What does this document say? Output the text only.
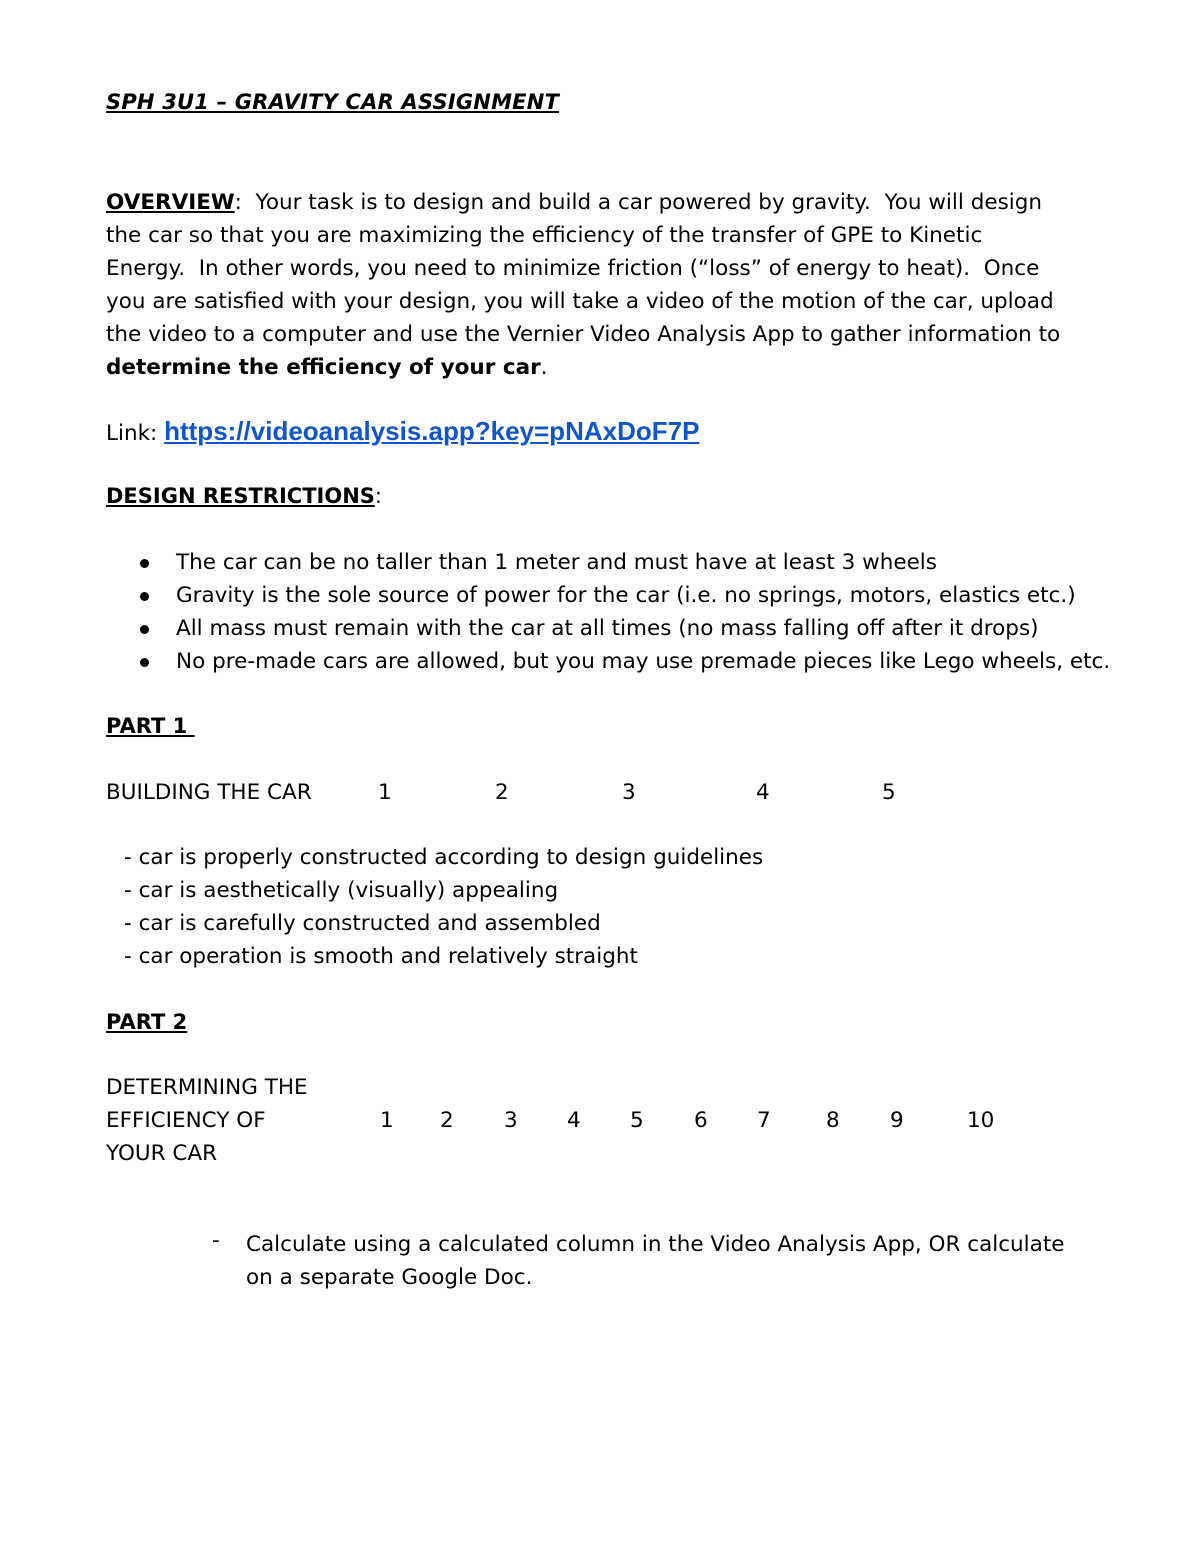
SPH 3U1 – GRAVITY CAR ASSIGNMENT
OVERVIEW:  Your task is to design and build a car powered by gravity.  You will design
the car so that you are maximizing the efficiency of the transfer of GPE to Kinetic
Energy.  In other words, you need to minimize friction (“loss” of energy to heat).  Once
you are satisfied with your design, you will take a video of the motion of the car, upload
the video to a computer and use the Vernier Video Analysis App to gather information to
determine the efficiency of your car.
Link: https://videoanalysis.app?key=pNAxDoF7P
DESIGN RESTRICTIONS:
The car can be no taller than 1 meter and must have at least 3 wheels
Gravity is the sole source of power for the car (i.e. no springs, motors, elastics etc.)
All mass must remain with the car at all times (no mass falling off after it drops)
No pre-made cars are allowed, but you may use premade pieces like Lego wheels, etc.
PART 1
BUILDING THE CAR	1	2	3	4	5
- car is properly constructed according to design guidelines
- car is aesthetically (visually) appealing
- car is carefully constructed and assembled
- car operation is smooth and relatively straight
PART 2
DETERMINING THE
EFFICIENCY OF
YOUR CAR
1 2 3 4 5 6 7	8 9	10
- Calculate using a calculated column in the Video Analysis App, OR calculate
on a separate Google Doc.
